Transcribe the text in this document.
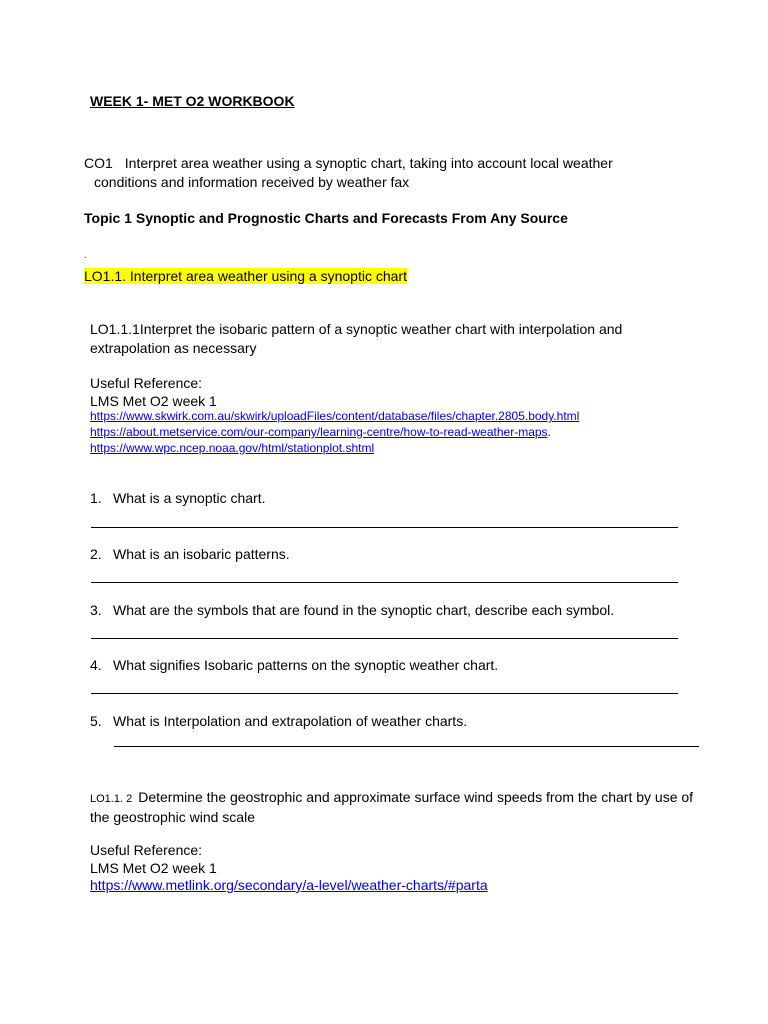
WEEK 1- MET O2 WORKBOOK
CO1 Interpret area weather using a synoptic chart, taking into account local weather
conditions and information received by weather fax
Topic 1 Synoptic and Prognostic Charts and Forecasts From Any Source
.
LO1.1. Interpret area weather using a synoptic chart
LO1.1.1Interpret the isobaric pattern of a synoptic weather chart with interpolation and extrapolation as necessary
Useful Reference:
LMS Met O2 week 1
https://www.skwirk.com.au/skwirk/uploadFiles/content/database/files/chapter.2805.body.html
https://about.metservice.com/our-company/learning-centre/how-to-read-weather-maps.
https://www.wpc.ncep.noaa.gov/html/stationplot.shtml
1. What is a synoptic chart.
2. What is an isobaric patterns.
3. What are the symbols that are found in the synoptic chart, describe each symbol.
4. What signifies Isobaric patterns on the synoptic weather chart.
5. What is Interpolation and extrapolation of weather charts.
LO1.1. 2 Determine the geostrophic and approximate surface wind speeds from the chart by use of the geostrophic wind scale
Useful Reference:
LMS Met O2 week 1
https://www.metlink.org/secondary/a-level/weather-charts/#parta
